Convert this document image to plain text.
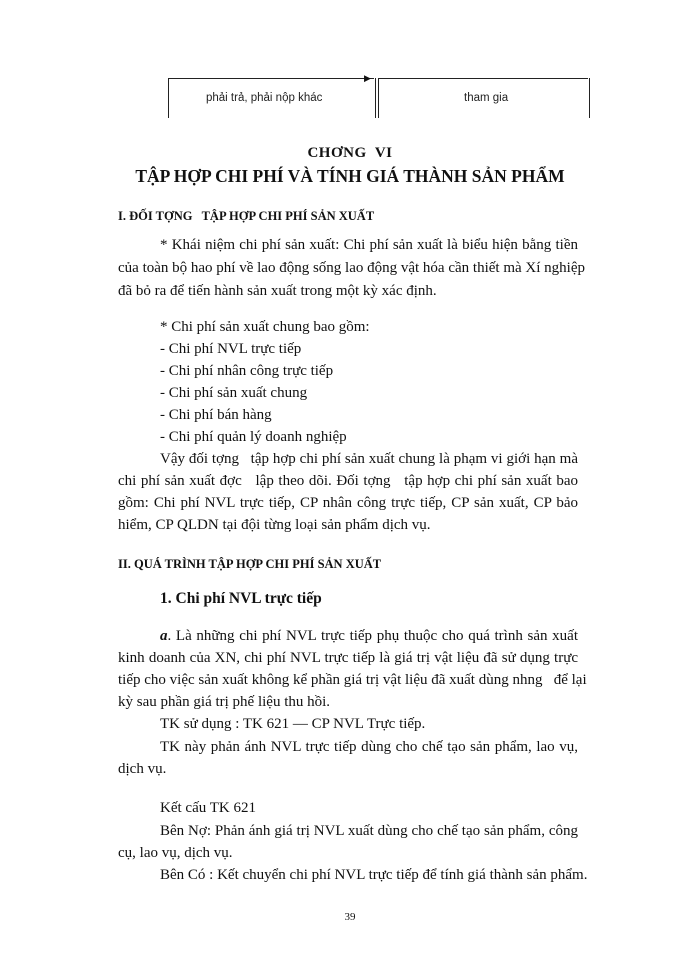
▶
phải trả, phải nộp khác	tham gia
CHƠNG  VI
TẬP HỢP CHI PHÍ VÀ TÍNH GIÁ THÀNH SẢN PHẨM
I. ĐỐI TỢNG   TẬP HỢP CHI PHÍ SẢN XUẤT
* Khái niệm chi phí sản xuất: Chi phí sản xuất là biểu hiện bằng tiền
của toàn bộ hao phí về lao động sống lao động vật hóa cần thiết mà Xí nghiệp
đã bỏ ra để tiến hành sản xuất trong một kỳ xác định.
* Chi phí sản xuất chung bao gồm:
- Chi phí NVL trực tiếp
- Chi phí nhân công trực tiếp
- Chi phí sản xuất chung
- Chi phí bán hàng
- Chi phí quản lý doanh nghiệp
Vậy đối tợng   tập hợp chi phí sản xuất chung là phạm vi giới hạn mà
chi phí sản xuất đợc   lập theo dõi. Đối tợng   tập hợp chi phí sản xuất bao
gồm: Chi phí NVL trực tiếp, CP nhân công trực tiếp, CP sản xuất, CP bảo
hiểm, CP QLDN tại đội từng loại sản phẩm dịch vụ.
II. QUÁ TRÌNH TẬP HỢP CHI PHÍ SẢN XUẤT
1. Chi phí NVL trực tiếp
a. Là những chi phí NVL trực tiếp phụ thuộc cho quá trình sản xuất
kinh doanh của XN, chi phí NVL trực tiếp là giá trị vật liệu đã sử dụng trực
tiếp cho việc sản xuất không kể phần giá trị vật liệu đã xuất dùng nhng   để lại
kỳ sau phần giá trị phế liệu thu hồi.
TK sử dụng : TK 621 — CP NVL Trực tiếp.
TK này phản ánh NVL trực tiếp dùng cho chế tạo sản phẩm, lao vụ,
dịch vụ.
Kết cấu TK 621
Bên Nợ: Phản ánh giá trị NVL xuất dùng cho chế tạo sản phẩm, công
cụ, lao vụ, dịch vụ.
Bên Có : Kết chuyển chi phí NVL trực tiếp để tính giá thành sản phẩm.
39
